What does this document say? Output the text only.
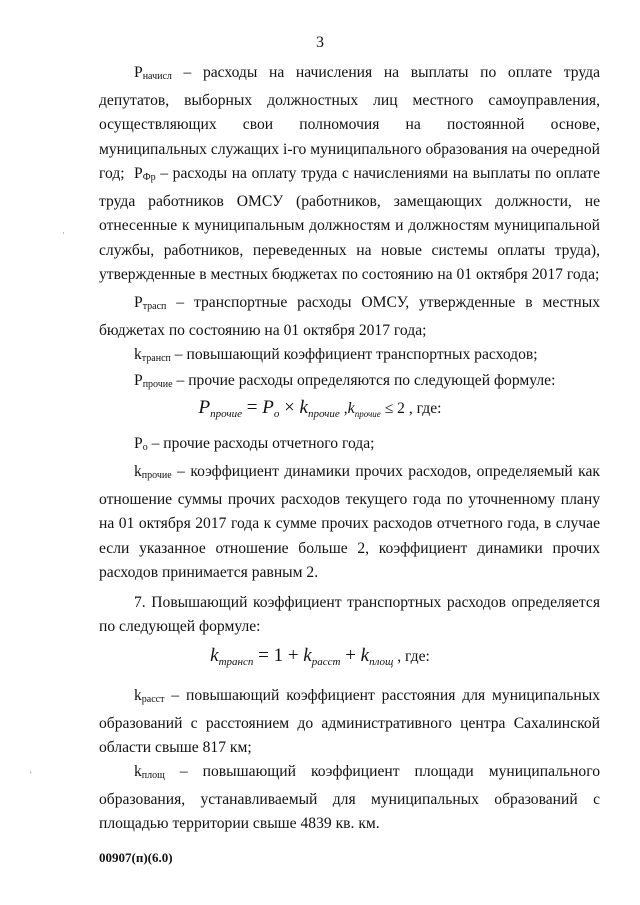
3
$Р_{начисл}$ – расходы на начисления на выплаты по оплате труда депутатов, выборных должностных лиц местного самоуправления, осуществляющих свои полномочия на постоянной основе, муниципальных служащих i-го муниципального образования на очередной год; $Р_{Фр}$ – расходы на оплату труда с начислениями на выплаты по оплате труда работников ОМСУ (работников, замещающих должности, не отнесенные к муниципальным должностям и должностям муниципальной службы, работников, переведенных на новые системы оплаты труда), утвержденные в местных бюджетах по состоянию на 01 октября 2017 года;
$Р_{трасп}$ – транспортные расходы ОМСУ, утвержденные в местных бюджетах по состоянию на 01 октября 2017 года;
$k_{трансп}$ – повышающий коэффициент транспортных расходов;
$Р_{прочие}$ – прочие расходы определяются по следующей формуле:
$P_{прочие} = P_о \times k_{прочие}$ $,k_{прочие} \le 2$ , где:
$Р_о$ – прочие расходы отчетного года;
$k_{прочие}$ – коэффициент динамики прочих расходов, определяемый как отношение суммы прочих расходов текущего года по уточненному плану на 01 октября 2017 года к сумме прочих расходов отчетного года, в случае если указанное отношение больше 2, коэффициент динамики прочих расходов принимается равным 2.
7. Повышающий коэффициент транспортных расходов определяется по следующей формуле:
$k_{трансп} = 1 + k_{расст} + k_{площ}$ , где:
$k_{расст}$ – повышающий коэффициент расстояния для муниципальных образований с расстоянием до административного центра Сахалинской области свыше 817 км;
$k_{площ}$ – повышающий коэффициент площади муниципального образования, устанавливаемый для муниципальных образований с площадью территории свыше 4839 кв. км.
00907(п)(6.0)
·
'
